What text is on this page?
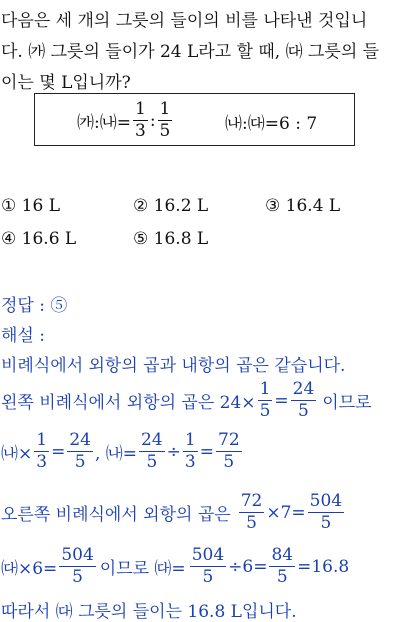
다음은 세 개의 그릇의 들이의 비를 나타낸 것입니
다. ㈎ 그릇의 들이가 24 L라고 할 때, ㈐ 그릇의 들
이는 몇 L입니까?
㈎:㈏= $\frac{1}{3}$ : $\frac{1}{5}$	㈏:㈐=6 : 7
① 16 L	② 16.2 L	③ 16.4 L
④ 16.6 L	⑤ 16.8 L
정답 : ⑤
해설 :
비례식에서 외항의 곱과 내항의 곱은 같습니다.
왼쪽 비례식에서 외항의 곱은 $24\times \frac{1}{5} = \frac{24}{5}$ 이므로
㈏× $\frac{1}{3} = \frac{24}{5}$ , ㈏= $\frac{24}{5} \div \frac{1}{3} = \frac{72}{5}$
오른쪽 비례식에서 외항의 곱은 $\frac{72}{5} \times 7= \frac{504}{5}$
㈐×6= $\frac{504}{5}$ 이므로 ㈐= $\frac{504}{5} \div 6= \frac{84}{5} =16.8$
따라서 ㈐ 그릇의 들이는 16.8 L입니다.
